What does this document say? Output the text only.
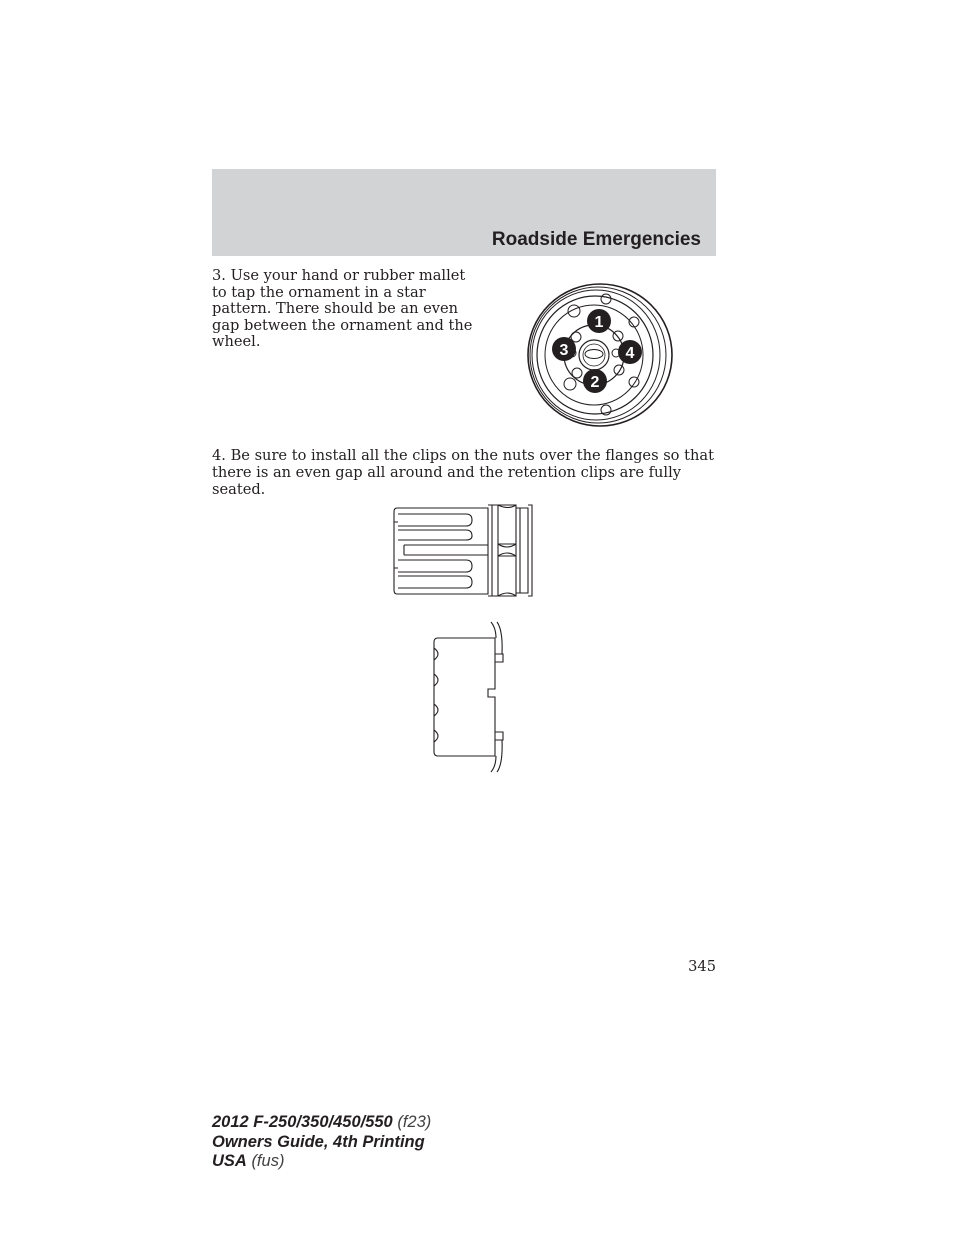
Roadside Emergencies
3. Use your hand or rubber mallet to tap the ornament in a star pattern. There should be an even gap between the ornament and the wheel.
1
2
3	4
4. Be sure to install all the clips on the nuts over the flanges so that there is an even gap all around and the retention clips are fully seated.
345
2012 F-250/350/450/550 (f23)
Owners Guide, 4th Printing
USA (fus)
